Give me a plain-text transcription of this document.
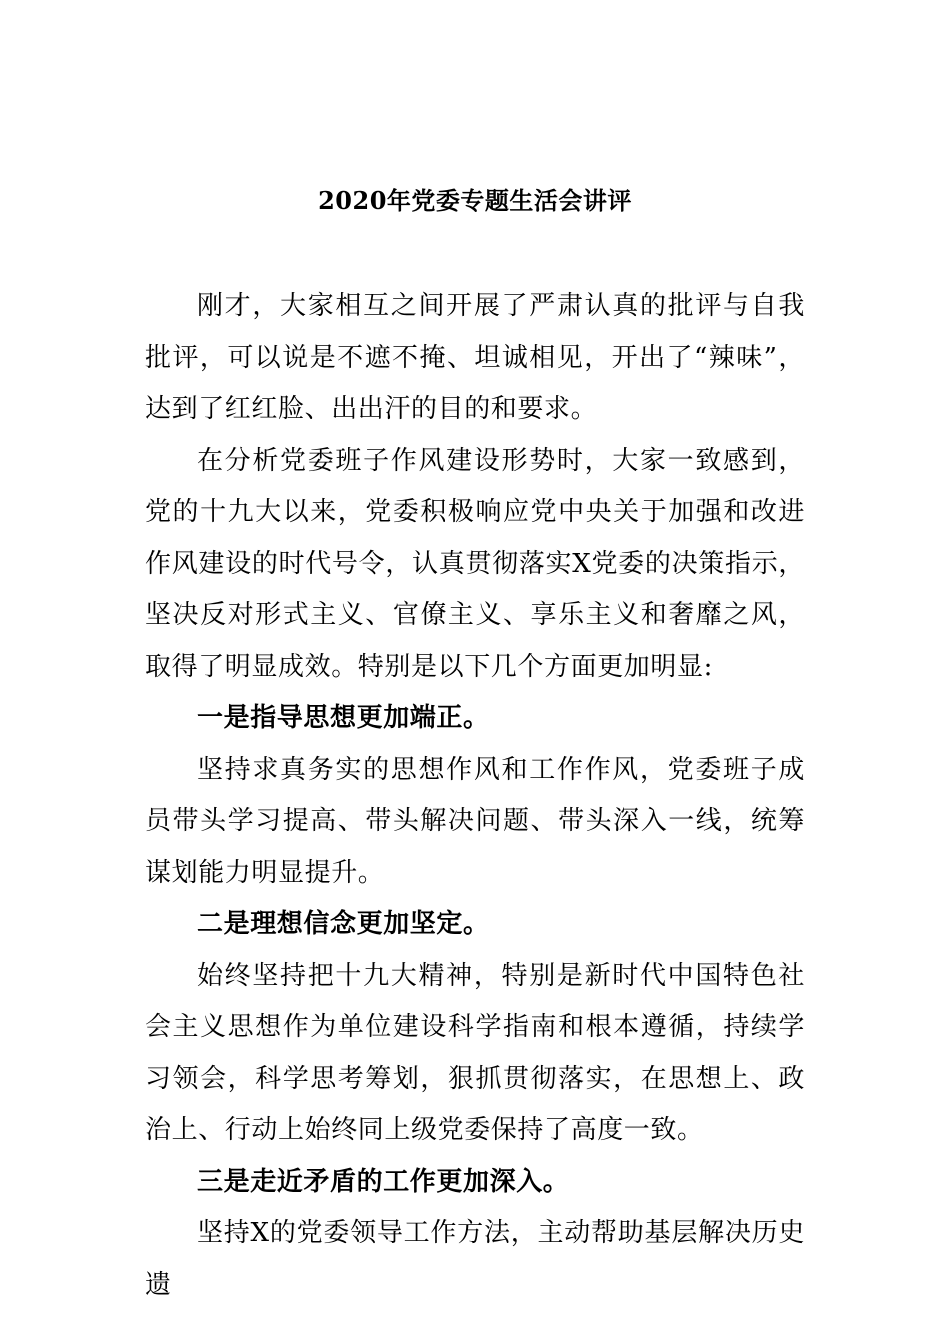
2020年党委专题生活会讲评

刚才，大家相互之间开展了严肃认真的批评与自我批评，可以说是不遮不掩、坦诚相见，开出了“辣味”，达到了红红脸、出出汗的目的和要求。

在分析党委班子作风建设形势时，大家一致感到，党的十九大以来，党委积极响应党中央关于加强和改进作风建设的时代号令，认真贯彻落实X党委的决策指示，坚决反对形式主义、官僚主义、享乐主义和奢靡之风，取得了明显成效。特别是以下几个方面更加明显:

一是指导思想更加端正。

坚持求真务实的思想作风和工作作风，党委班子成员带头学习提高、带头解决问题、带头深入一线，统筹谋划能力明显提升。

二是理想信念更加坚定。

始终坚持把十九大精神，特别是新时代中国特色社会主义思想作为单位建设科学指南和根本遵循，持续学习领会，科学思考筹划，狠抓贯彻落实，在思想上、政治上、行动上始终同上级党委保持了高度一致。

三是走近矛盾的工作更加深入。

坚持X的党委领导工作方法，主动帮助基层解决历史遗
